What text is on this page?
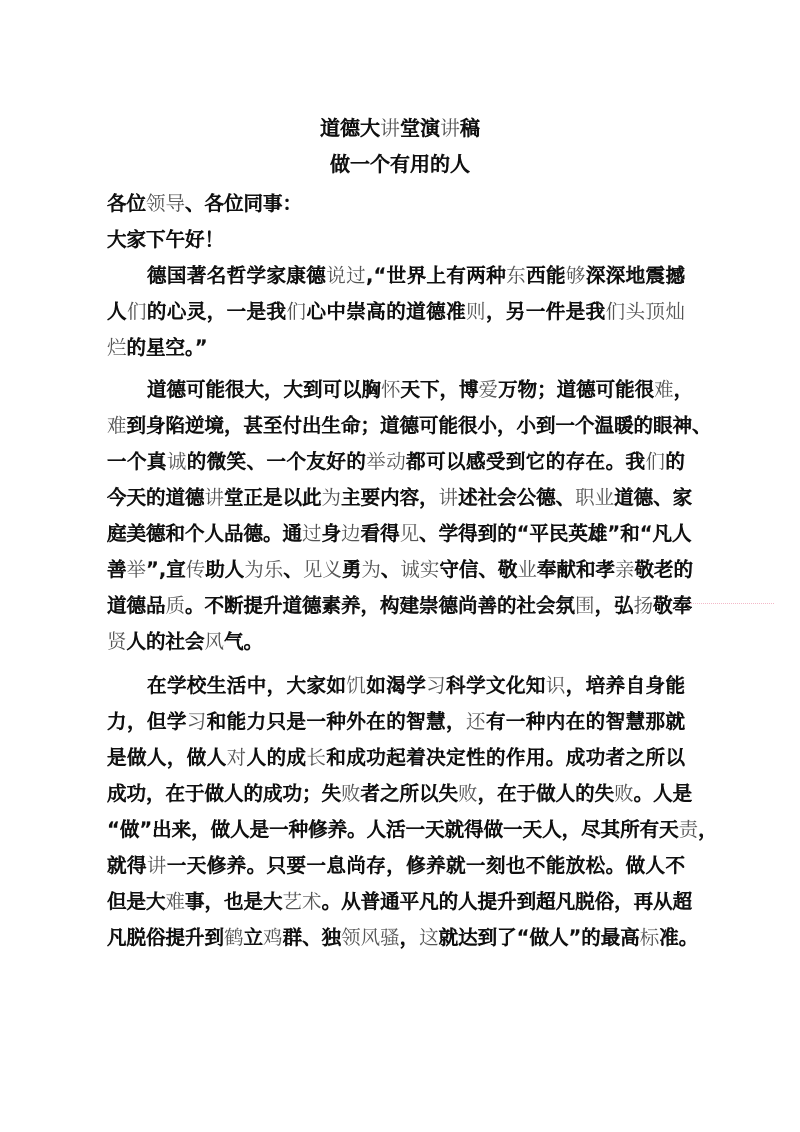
道德大讲堂演讲稿
做一个有用的人
各位领导、各位同事：
大家下午好！
德国著名哲学家康德说过,“世界上有两种东西能够深深地震撼
人们的心灵，一是我们心中崇高的道德准则，另一件是我们头顶灿
烂的星空。”
道德可能很大，大到可以胸怀天下，博爱万物；道德可能很难，
难到身陷逆境，甚至付出生命；道德可能很小，小到一个温暖的眼神、
一个真诚的微笑、一个友好的举动都可以感受到它的存在。我们的
今天的道德讲堂正是以此为主要内容，讲述社会公德、职业道德、家
庭美德和个人品德。通过身边看得见、学得到的“平民英雄”和“凡人
善举”,宣传助人为乐、见义勇为、诚实守信、敬业奉献和孝亲敬老的
道德品质。不断提升道德素养，构建崇德尚善的社会氛围，弘扬敬奉
贤人的社会风气。
在学校生活中，大家如饥如渴学习科学文化知识，培养自身能
力，但学习和能力只是一种外在的智慧，还有一种内在的智慧那就
是做人，做人对人的成长和成功起着决定性的作用。成功者之所以
成功，在于做人的成功；失败者之所以失败，在于做人的失败。人是
“做”出来，做人是一种修养。人活一天就得做一天人，尽其所有天责，
就得讲一天修养。只要一息尚存，修养就一刻也不能放松。做人不
但是大难事，也是大艺术。从普通平凡的人提升到超凡脱俗，再从超
凡脱俗提升到鹤立鸡群、独领风骚，这就达到了“做人”的最高标准。
